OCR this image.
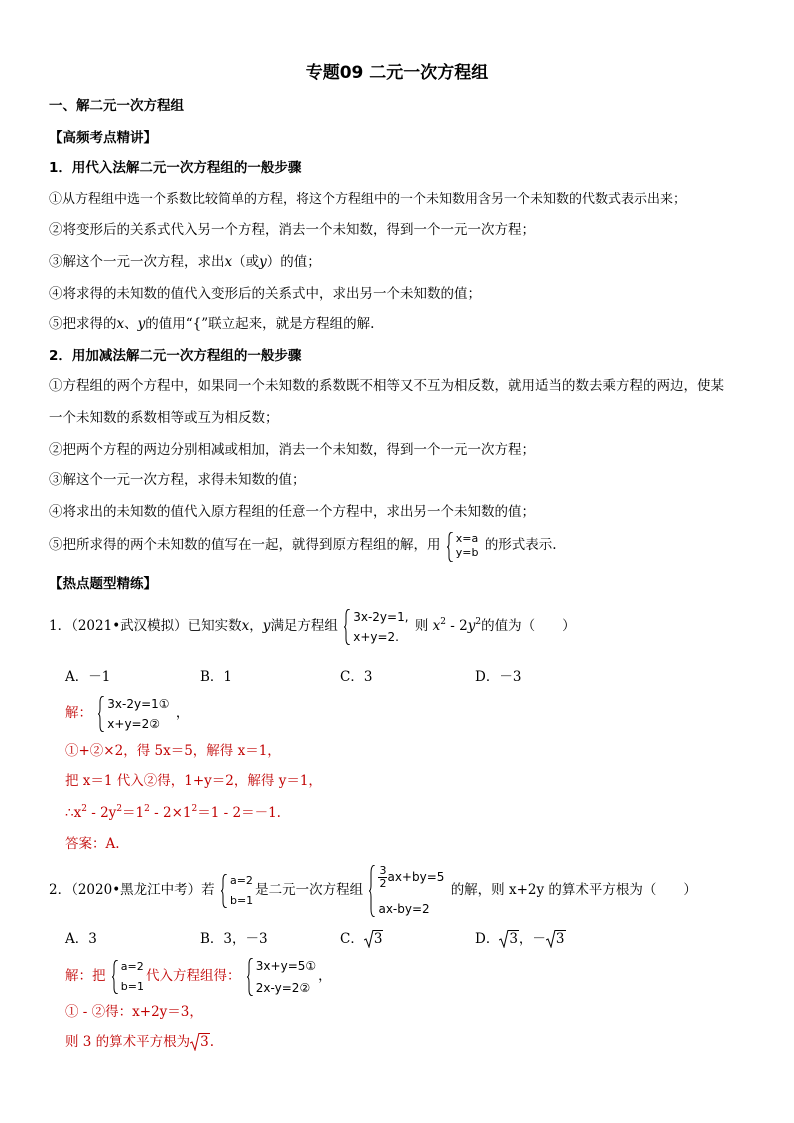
专题09 二元一次方程组
一、解二元一次方程组
【高频考点精讲】
1．用代入法解二元一次方程组的一般步骤
①从方程组中选一个系数比较简单的方程，将这个方程组中的一个未知数用含另一个未知数的代数式表示出来；
②将变形后的关系式代入另一个方程，消去一个未知数，得到一个一元一次方程；
③解这个一元一次方程，求出x（或y）的值；
④将求得的未知数的值代入变形后的关系式中，求出另一个未知数的值；
⑤把求得的x、y的值用“{”联立起来，就是方程组的解.
2．用加减法解二元一次方程组的一般步骤
①方程组的两个方程中，如果同一个未知数的系数既不相等又不互为相反数，就用适当的数去乘方程的两边，使某
一个未知数的系数相等或互为相反数；
②把两个方程的两边分别相减或相加，消去一个未知数，得到一个一元一次方程；
③解这个一元一次方程，求得未知数的值；
④将求出的未知数的值代入原方程组的任意一个方程中，求出另一个未知数的值；
⑤把所求得的两个未知数的值写在一起，就得到原方程组的解，用 x=a
y=b 的形式表示.
【热点题型精练】
1．（2021•武汉模拟）已知实数x，y满足方程组
3x-2y=1,
x+y=2.
则 $x^2 - 2y^2$的值为（　　）
A．－1	B．1	C．3	D．－3
解：
3x-2y=1①
x+y=2②
，
①+②×2，得 5x＝5，解得 x＝1，
把 x＝1 代入②得，1+y＝2，解得 y＝1，
$\therefore x^2 - 2y^2=1^2 - 2\times 1^2=1 - 2=-1$.
答案：A.
2．（2020•黑龙江中考）若
a=2
b=1
是二元一次方程组
$\frac{3}{2} ax+by=5$
ax-by=2
的解，则 x+2y 的算术平方根为（　　）
A．3	B．3，－3	C． 3	D． 3，－ 3
解：把
a=2
b=1
代入方程组得：
3x+y=5①
2x-y=2②
，
① - ②得：x+2y＝3，
则 3 的算术平方根为 3.
